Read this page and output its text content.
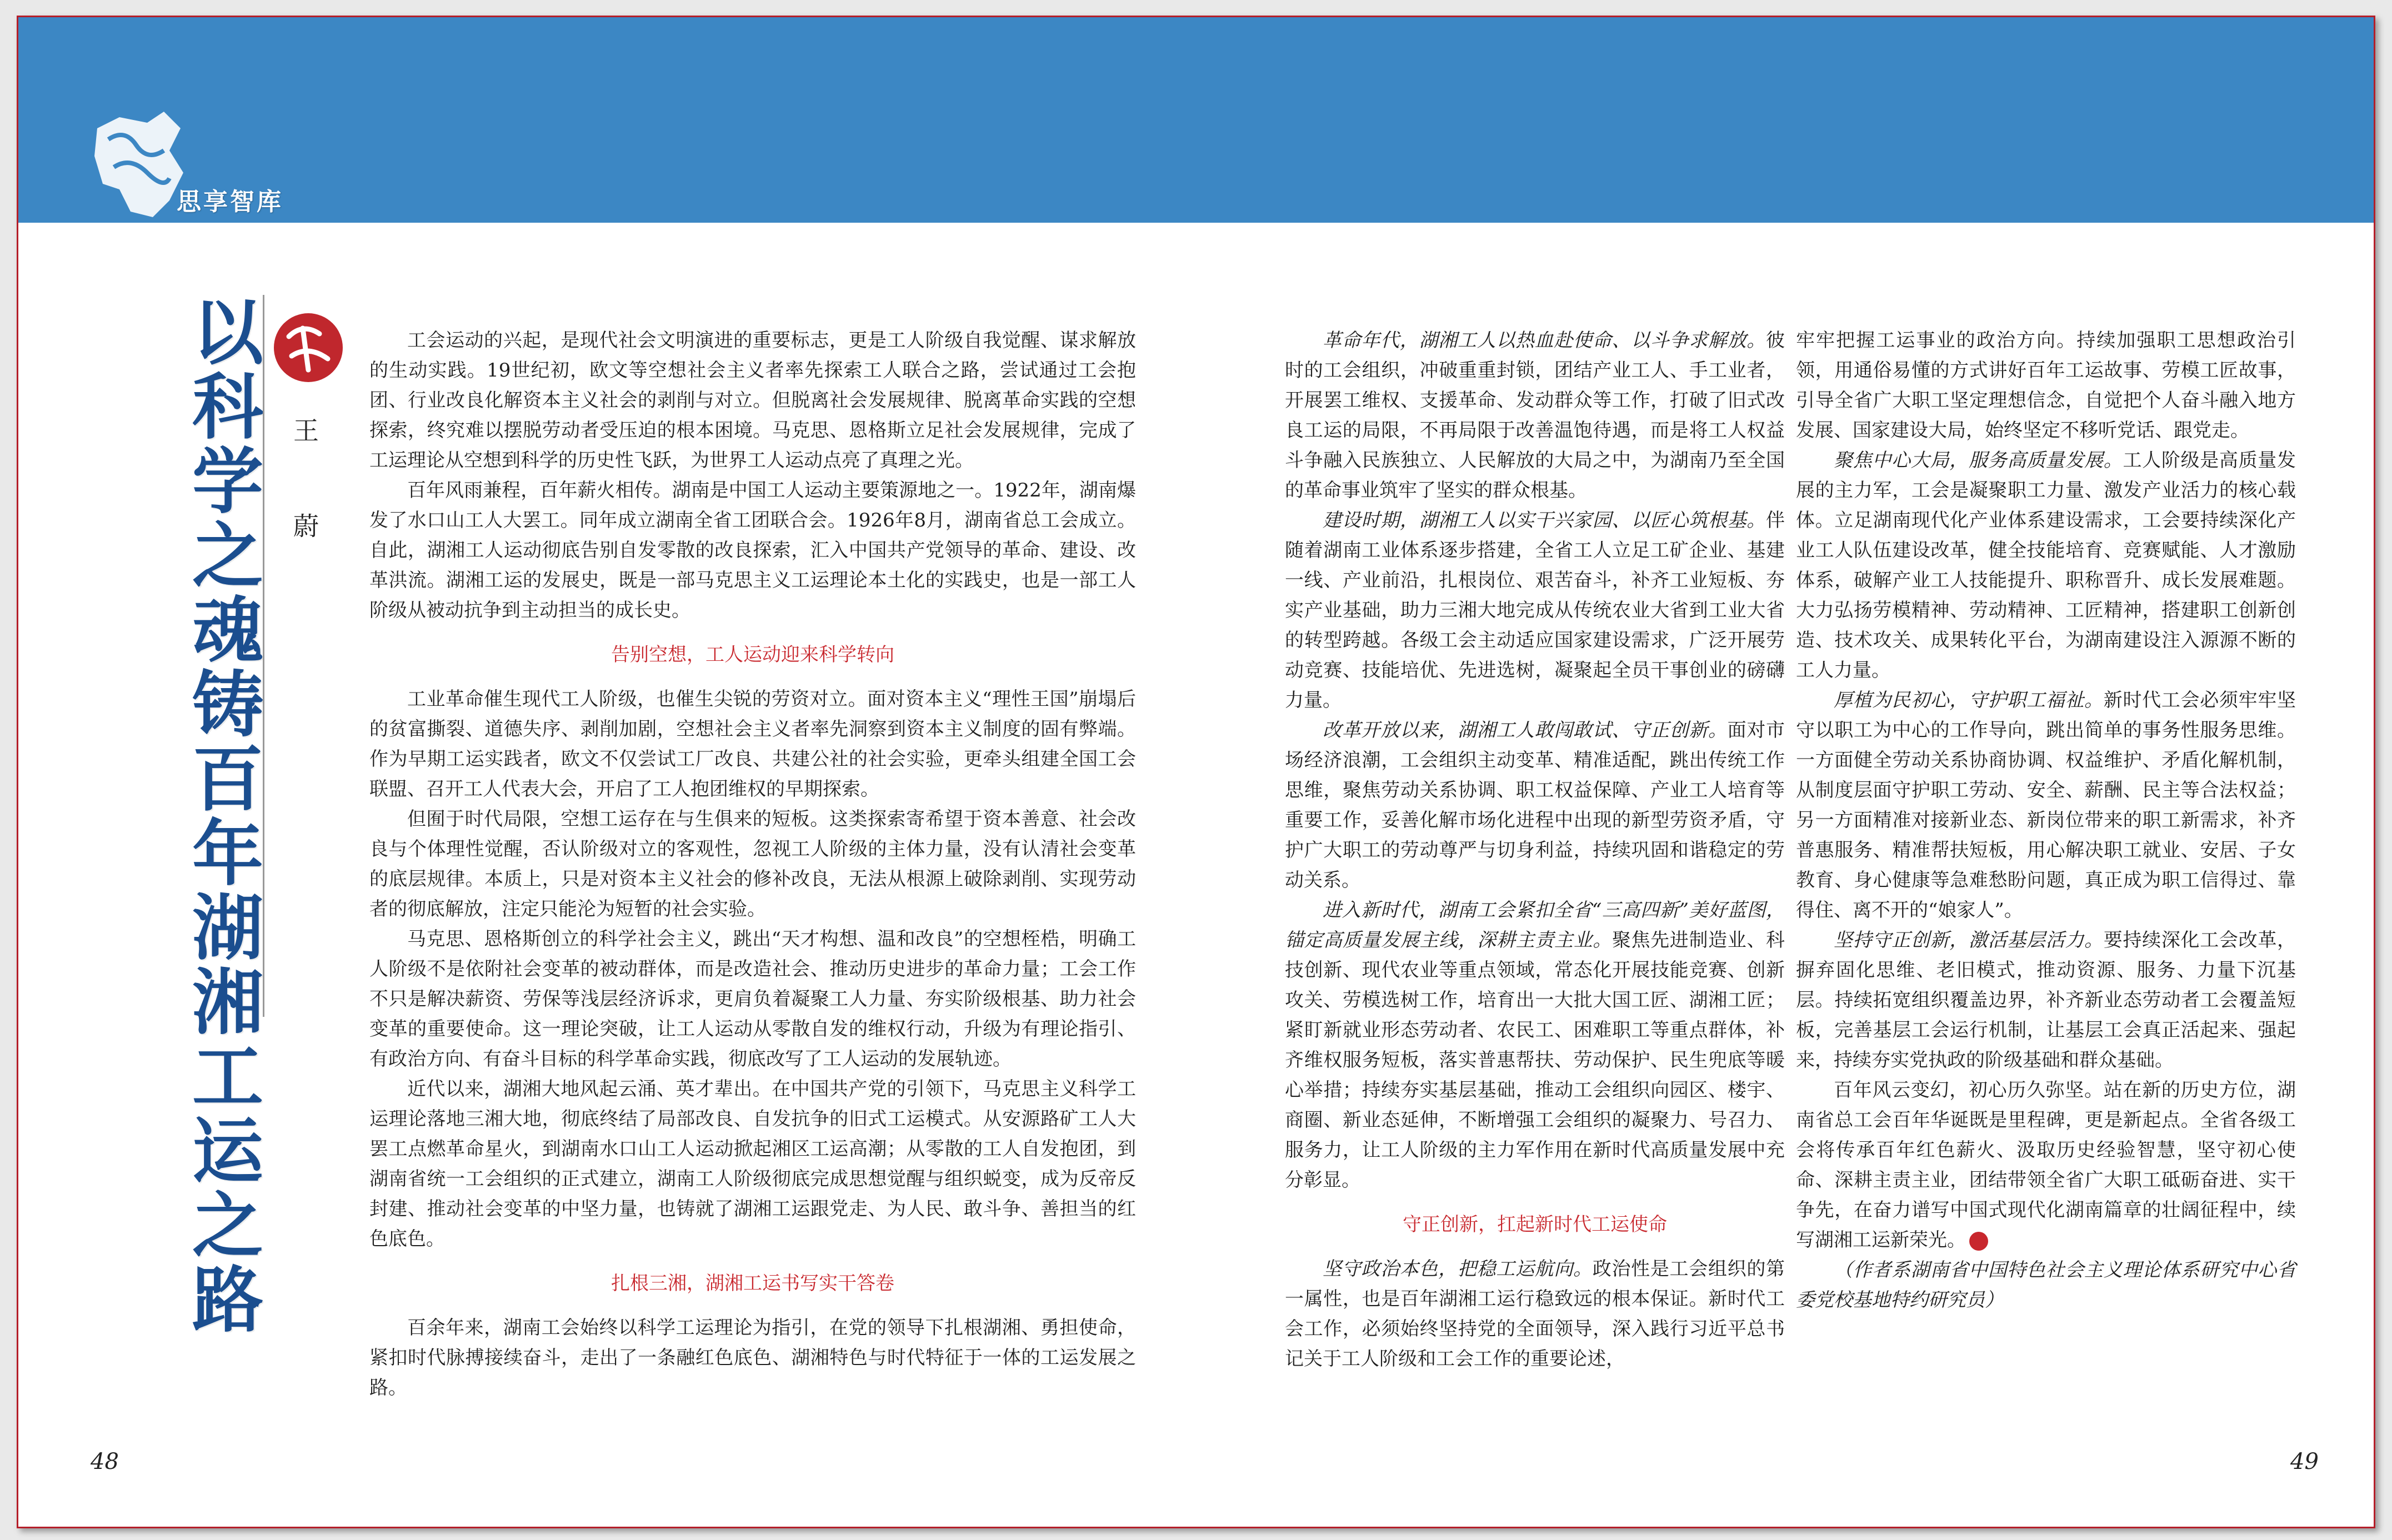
思享智库
以科学之魂铸百年湖湘工运之路 王　蔚

工会运动的兴起，是现代社会文明演进的重要标志，更是工人阶级自我觉醒、谋求解放的生动实践。19世纪初，欧文等空想社会主义者率先探索工人联合之路，尝试通过工会抱团、行业改良化解资本主义社会的剥削与对立。但脱离社会发展规律、脱离革命实践的空想探索，终究难以摆脱劳动者受压迫的根本困境。马克思、恩格斯立足社会发展规律，完成了工运理论从空想到科学的历史性飞跃，为世界工人运动点亮了真理之光。

百年风雨兼程，百年薪火相传。湖南是中国工人运动主要策源地之一。1922年，湖南爆发了水口山工人大罢工。同年成立湖南全省工团联合会。1926年8月，湖南省总工会成立。自此，湖湘工人运动彻底告别自发零散的改良探索，汇入中国共产党领导的革命、建设、改革洪流。湖湘工运的发展史，既是一部马克思主义工运理论本土化的实践史，也是一部工人阶级从被动抗争到主动担当的成长史。

告别空想，工人运动迎来科学转向

工业革命催生现代工人阶级，也催生尖锐的劳资对立。面对资本主义“理性王国”崩塌后的贫富撕裂、道德失序、剥削加剧，空想社会主义者率先洞察到资本主义制度的固有弊端。作为早期工运实践者，欧文不仅尝试工厂改良、共建公社的社会实验，更牵头组建全国工会联盟、召开工人代表大会，开启了工人抱团维权的早期探索。

但囿于时代局限，空想工运存在与生俱来的短板。这类探索寄希望于资本善意、社会改良与个体理性觉醒，否认阶级对立的客观性，忽视工人阶级的主体力量，没有认清社会变革的底层规律。本质上，只是对资本主义社会的修补改良，无法从根源上破除剥削、实现劳动者的彻底解放，注定只能沦为短暂的社会实验。

马克思、恩格斯创立的科学社会主义，跳出“天才构想、温和改良”的空想桎梏，明确工人阶级不是依附社会变革的被动群体，而是改造社会、推动历史进步的革命力量；工会工作不只是解决薪资、劳保等浅层经济诉求，更肩负着凝聚工人力量、夯实阶级根基、助力社会变革的重要使命。这一理论突破，让工人运动从零散自发的维权行动，升级为有理论指引、有政治方向、有奋斗目标的科学革命实践，彻底改写了工人运动的发展轨迹。

近代以来，湖湘大地风起云涌、英才辈出。在中国共产党的引领下，马克思主义科学工运理论落地三湘大地，彻底终结了局部改良、自发抗争的旧式工运模式。从安源路矿工人大罢工点燃革命星火，到湖南水口山工人运动掀起湘区工运高潮；从零散的工人自发抱团，到湖南省统一工会组织的正式建立，湖南工人阶级彻底完成思想觉醒与组织蜕变，成为反帝反封建、推动社会变革的中坚力量，也铸就了湖湘工运跟党走、为人民、敢斗争、善担当的红色底色。

扎根三湘，湖湘工运书写实干答卷

百余年来，湖南工会始终以科学工运理论为指引，在党的领导下扎根湖湘、勇担使命，紧扣时代脉搏接续奋斗，走出了一条融红色底色、湖湘特色与时代特征于一体的工运发展之路。

革命年代，湖湘工人以热血赴使命、以斗争求解放。彼时的工会组织，冲破重重封锁，团结产业工人、手工业者，开展罢工维权、支援革命、发动群众等工作，打破了旧式改良工运的局限，不再局限于改善温饱待遇，而是将工人权益斗争融入民族独立、人民解放的大局之中，为湖南乃至全国的革命事业筑牢了坚实的群众根基。

建设时期，湖湘工人以实干兴家园、以匠心筑根基。伴随着湖南工业体系逐步搭建，全省工人立足工矿企业、基建一线、产业前沿，扎根岗位、艰苦奋斗，补齐工业短板、夯实产业基础，助力三湘大地完成从传统农业大省到工业大省的转型跨越。各级工会主动适应国家建设需求，广泛开展劳动竞赛、技能培优、先进选树，凝聚起全员干事创业的磅礴力量。

改革开放以来，湖湘工人敢闯敢试、守正创新。面对市场经济浪潮，工会组织主动变革、精准适配，跳出传统工作思维，聚焦劳动关系协调、职工权益保障、产业工人培育等重要工作，妥善化解市场化进程中出现的新型劳资矛盾，守护广大职工的劳动尊严与切身利益，持续巩固和谐稳定的劳动关系。

进入新时代，湖南工会紧扣全省“三高四新”美好蓝图，锚定高质量发展主线，深耕主责主业。聚焦先进制造业、科技创新、现代农业等重点领域，常态化开展技能竞赛、创新攻关、劳模选树工作，培育出一大批大国工匠、湖湘工匠；紧盯新就业形态劳动者、农民工、困难职工等重点群体，补齐维权服务短板，落实普惠帮扶、劳动保护、民生兜底等暖心举措；持续夯实基层基础，推动工会组织向园区、楼宇、商圈、新业态延伸，不断增强工会组织的凝聚力、号召力、服务力，让工人阶级的主力军作用在新时代高质量发展中充分彰显。

守正创新，扛起新时代工运使命

坚守政治本色，把稳工运航向。政治性是工会组织的第一属性，也是百年湖湘工运行稳致远的根本保证。新时代工会工作，必须始终坚持党的全面领导，深入践行习近平总书记关于工人阶级和工会工作的重要论述，

牢牢把握工运事业的政治方向。持续加强职工思想政治引领，用通俗易懂的方式讲好百年工运故事、劳模工匠故事，引导全省广大职工坚定理想信念，自觉把个人奋斗融入地方发展、国家建设大局，始终坚定不移听党话、跟党走。

聚焦中心大局，服务高质量发展。工人阶级是高质量发展的主力军，工会是凝聚职工力量、激发产业活力的核心载体。立足湖南现代化产业体系建设需求，工会要持续深化产业工人队伍建设改革，健全技能培育、竞赛赋能、人才激励体系，破解产业工人技能提升、职称晋升、成长发展难题。大力弘扬劳模精神、劳动精神、工匠精神，搭建职工创新创造、技术攻关、成果转化平台，为湖南建设注入源源不断的工人力量。

厚植为民初心，守护职工福祉。新时代工会必须牢牢坚守以职工为中心的工作导向，跳出简单的事务性服务思维。一方面健全劳动关系协商协调、权益维护、矛盾化解机制，从制度层面守护职工劳动、安全、薪酬、民主等合法权益；另一方面精准对接新业态、新岗位带来的职工新需求，补齐普惠服务、精准帮扶短板，用心解决职工就业、安居、子女教育、身心健康等急难愁盼问题，真正成为职工信得过、靠得住、离不开的“娘家人”。

坚持守正创新，激活基层活力。要持续深化工会改革，摒弃固化思维、老旧模式，推动资源、服务、力量下沉基层。持续拓宽组织覆盖边界，补齐新业态劳动者工会覆盖短板，完善基层工会运行机制，让基层工会真正活起来、强起来，持续夯实党执政的阶级基础和群众基础。

百年风云变幻，初心历久弥坚。站在新的历史方位，湖南省总工会百年华诞既是里程碑，更是新起点。全省各级工会将传承百年红色薪火、汲取历史经验智慧，坚守初心使命、深耕主责主业，团结带领全省广大职工砥砺奋进、实干争先，在奋力谱写中国式现代化湖南篇章的壮阔征程中，续写湖湘工运新荣光。

（作者系湖南省中国特色社会主义理论体系研究中心省委党校基地特约研究员）

48	49
